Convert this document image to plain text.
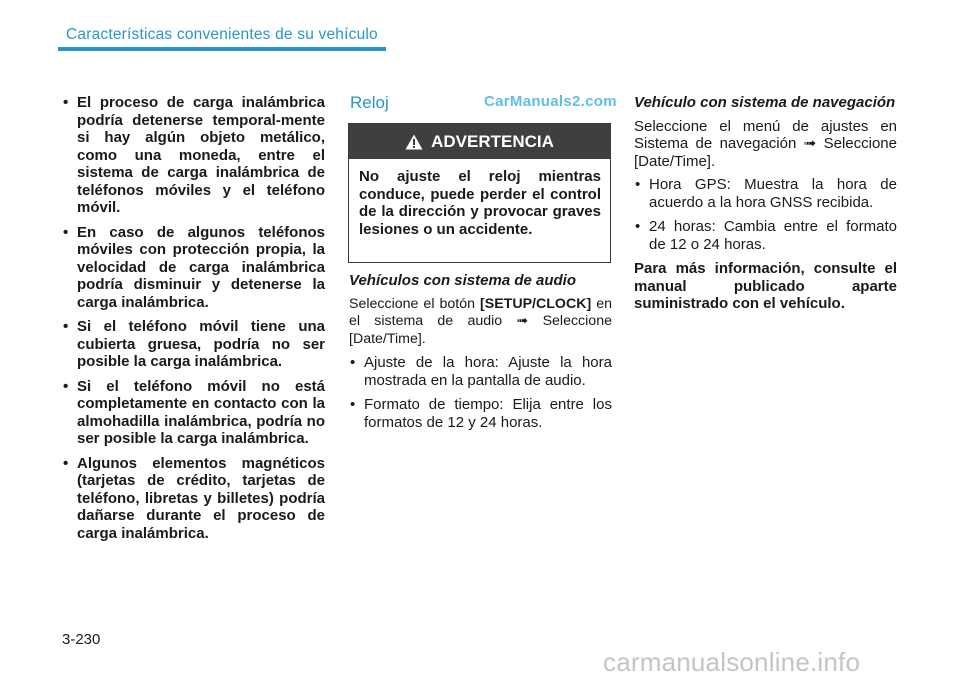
Características convenientes de su vehículo
• El proceso de carga inalámbrica podría detenerse temporal-mente si hay algún objeto metálico, como una moneda, entre el sistema de carga inalámbrica de teléfonos móviles y el teléfono móvil.
• En caso de algunos teléfonos móviles con protección propia, la velocidad de carga inalámbrica podría disminuir y detenerse la carga inalámbrica.
• Si el teléfono móvil tiene una cubierta gruesa, podría no ser posible la carga inalámbrica.
• Si el teléfono móvil no está completamente en contacto con la almohadilla inalámbrica, podría no ser posible la carga inalámbrica.
• Algunos elementos magnéticos (tarjetas de crédito, tarjetas de teléfono, libretas y billetes) podría dañarse durante el proceso de carga inalámbrica.
Reloj	CarManuals2.com
ADVERTENCIA
No ajuste el reloj mientras conduce, puede perder el control de la dirección y provocar graves lesiones o un accidente.
Vehículos con sistema de audio
Seleccione el botón [SETUP/CLOCK] en el sistema de audio ➟ Seleccione [Date/Time].
• Ajuste de la hora: Ajuste la hora mostrada en la pantalla de audio.
• Formato de tiempo: Elija entre los formatos de 12 y 24 horas.
Vehículo con sistema de navegación
Seleccione el menú de ajustes en Sistema de navegación ➟ Seleccione [Date/Time].
• Hora GPS: Muestra la hora de acuerdo a la hora GNSS recibida.
• 24 horas: Cambia entre el formato de 12 o 24 horas.
Para más información, consulte el manual publicado aparte suministrado con el vehículo.
3-230
carmanualsonline.info
